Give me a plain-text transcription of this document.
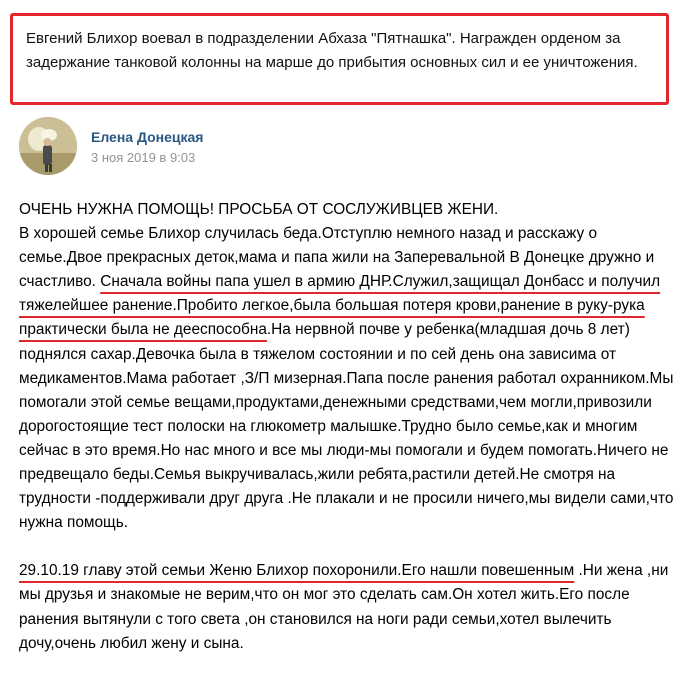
Евгений Блихор воевал в подразделении Абхаза "Пятнашка". Награжден орденом за задержание танковой колонны на марше до прибытия основных сил и ее уничтожения.
Елена Донецкая
3 ноя 2019 в 9:03

ОЧЕНЬ НУЖНА ПОМОЩЬ! ПРОСЬБА ОТ СОСЛУЖИВЦЕВ ЖЕНИ.

В хорошей семье Блихор случилась беда.Отступлю немного назад и расскажу о семье.Двое прекрасных деток,мама и папа жили на Заперевальной В Донецке дружно и счастливо. Сначала войны папа ушел в армию ДНР.Служил,защищал Донбасс и получил тяжелейшее ранение.Пробито легкое,была большая потеря крови,ранение в руку-рука практически была не дееспособна.На нервной почве у ребенка(младшая дочь 8 лет) поднялся сахар.Девочка была в тяжелом состоянии и по сей день она зависима от медикаментов.Мама работает ,З/П мизерная.Папа после ранения работал охранником.Мы помогали этой семье вещами,продуктами,денежными средствами,чем могли,привозили дорогостоящие тест полоски на глюкометр малышке.Трудно было семье,как и многим сейчас в это время.Но нас много и все мы люди-мы помогали и будем помогать.Ничего не предвещало беды.Семья выкручивалась,жили ребята,растили детей.Не смотря на трудности -поддерживали друг друга .Не плакали и не просили ничего,мы видели сами,что нужна помощь.

29.10.19 главу этой семьи Женю Блихор похоронили.Его нашли повешенным .Ни жена ,ни мы друзья и знакомые не верим,что он мог это сделать сам.Он хотел жить.Его после ранения вытянули с того света ,он становился на ноги ради семьи,хотел вылечить дочу,очень любил жену и сына.
